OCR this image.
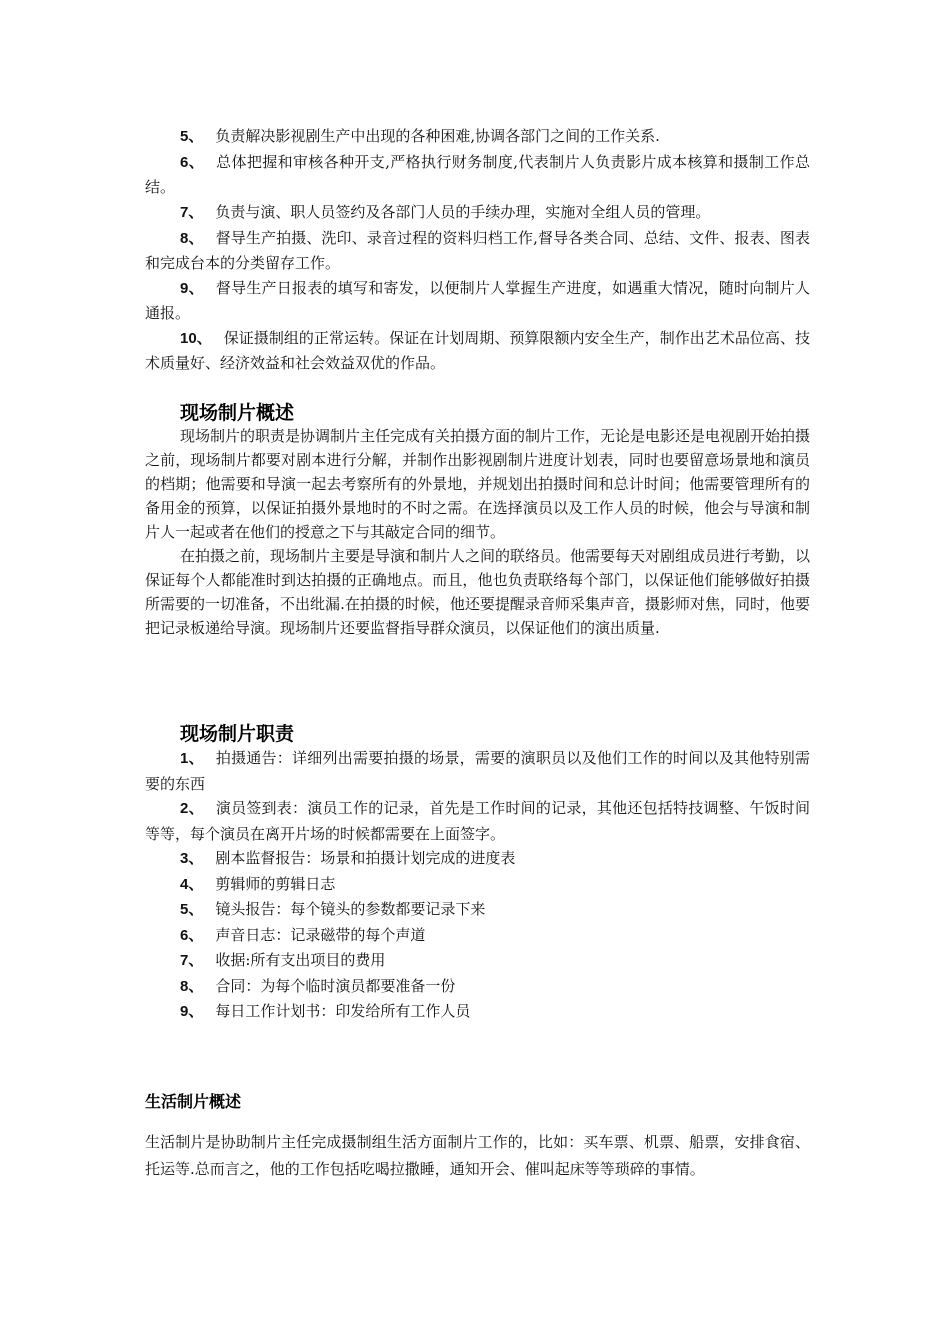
5、 负责解决影视剧生产中出现的各种困难,协调各部门之间的工作关系.

6、 总体把握和审核各种开支,严格执行财务制度,代表制片人负责影片成本核算和摄制工作总结。

7、 负责与演、职人员签约及各部门人员的手续办理，实施对全组人员的管理。

8、 督导生产拍摄、洗印、录音过程的资料归档工作,督导各类合同、总结、文件、报表、图表和完成台本的分类留存工作。

9、 督导生产日报表的填写和寄发，以便制片人掌握生产进度，如遇重大情况，随时向制片人通报。

10、 保证摄制组的正常运转。保证在计划周期、预算限额内安全生产，制作出艺术品位高、技术质量好、经济效益和社会效益双优的作品。

现场制片概述

现场制片的职责是协调制片主任完成有关拍摄方面的制片工作，无论是电影还是电视剧开始拍摄之前，现场制片都要对剧本进行分解，并制作出影视剧制片进度计划表，同时也要留意场景地和演员的档期；他需要和导演一起去考察所有的外景地，并规划出拍摄时间和总计时间；他需要管理所有的备用金的预算，以保证拍摄外景地时的不时之需。在选择演员以及工作人员的时候，他会与导演和制片人一起或者在他们的授意之下与其敲定合同的细节。

在拍摄之前，现场制片主要是导演和制片人之间的联络员。他需要每天对剧组成员进行考勤，以保证每个人都能准时到达拍摄的正确地点。而且，他也负责联络每个部门，以保证他们能够做好拍摄所需要的一切准备，不出纰漏.在拍摄的时候，他还要提醒录音师采集声音，摄影师对焦，同时，他要把记录板递给导演。现场制片还要监督指导群众演员，以保证他们的演出质量.

现场制片职责

1、 拍摄通告：详细列出需要拍摄的场景，需要的演职员以及他们工作的时间以及其他特别需要的东西

2、 演员签到表：演员工作的记录，首先是工作时间的记录，其他还包括特技调整、午饭时间等等，每个演员在离开片场的时候都需要在上面签字。

3、 剧本监督报告：场景和拍摄计划完成的进度表

4、 剪辑师的剪辑日志

5、 镜头报告：每个镜头的参数都要记录下来

6、 声音日志：记录磁带的每个声道

7、 收据:所有支出项目的费用

8、 合同：为每个临时演员都要准备一份

9、 每日工作计划书：印发给所有工作人员

生活制片概述

生活制片是协助制片主任完成摄制组生活方面制片工作的，比如：买车票、机票、船票，安排食宿、托运等.总而言之，他的工作包括吃喝拉撒睡，通知开会、催叫起床等等琐碎的事情。
